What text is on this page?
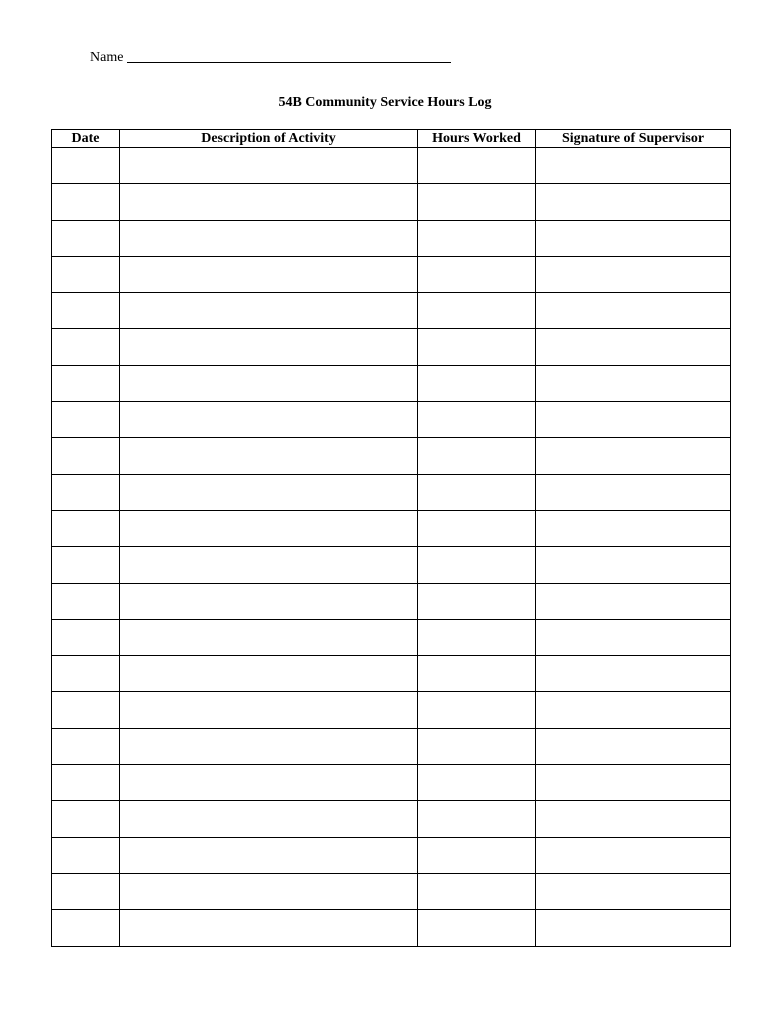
Name
54B Community Service Hours Log
Date	Description of Activity	Hours Worked	Signature of Supervisor
